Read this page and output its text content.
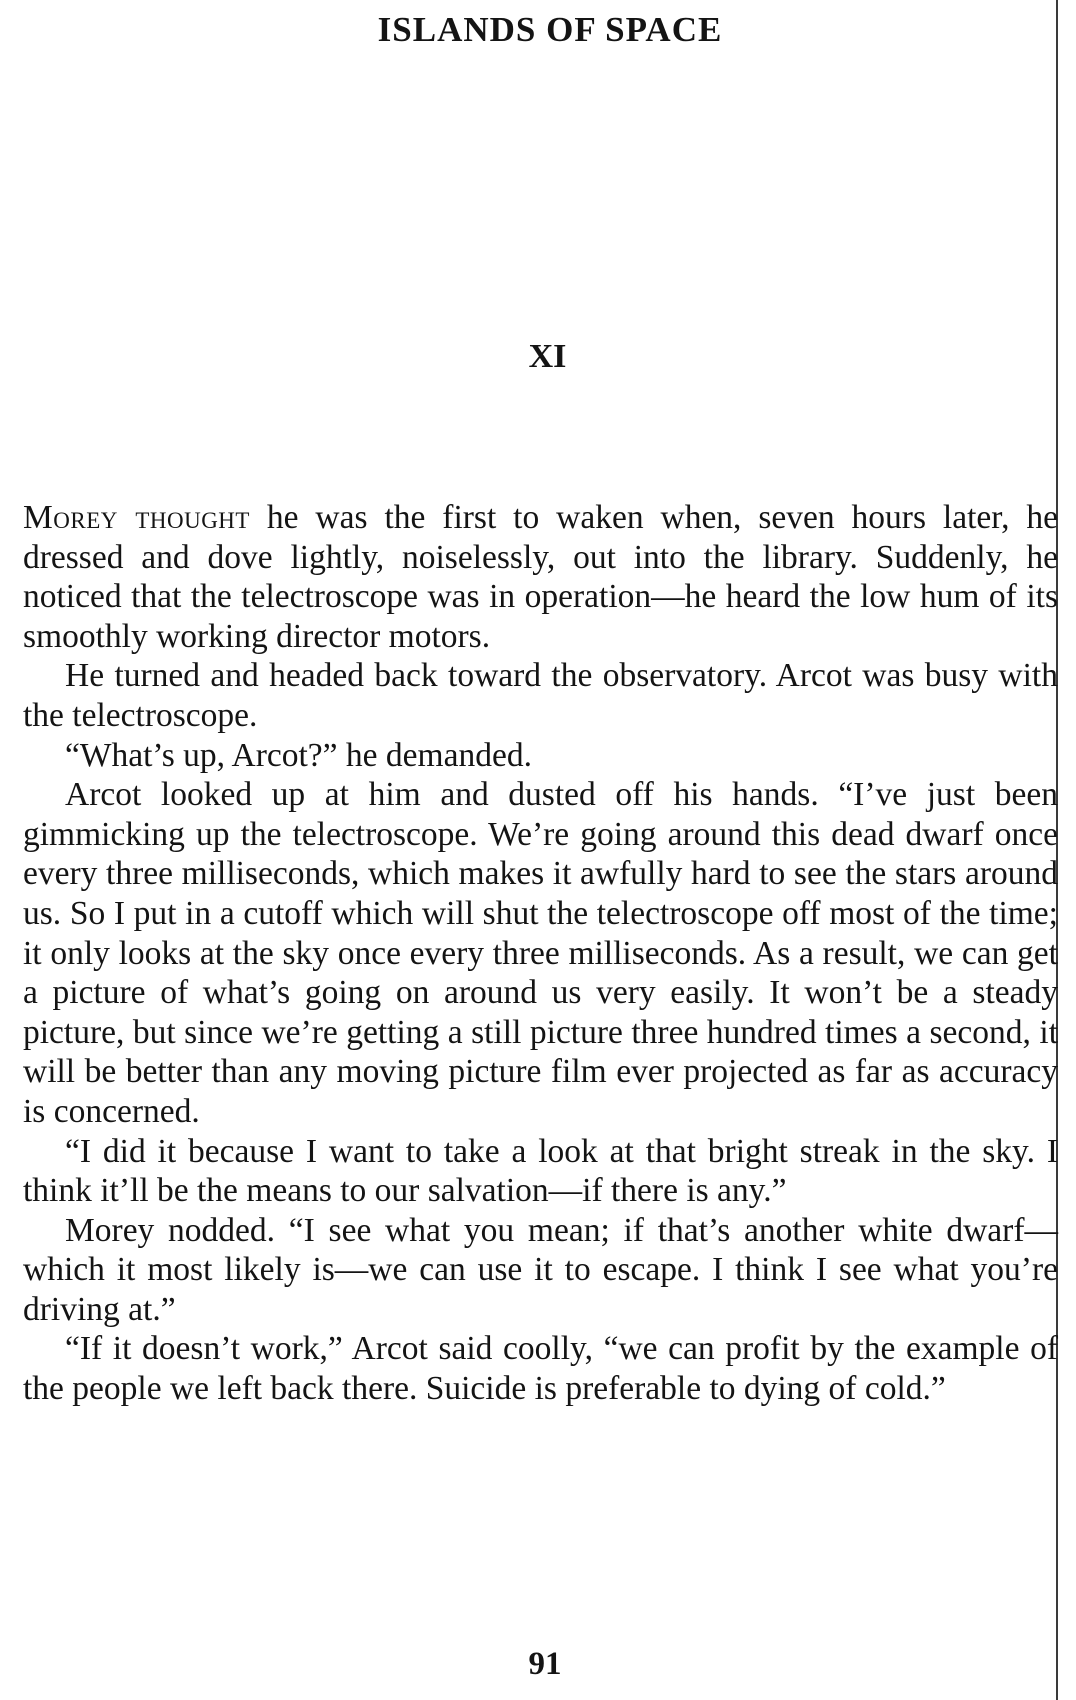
ISLANDS OF SPACE
XI

Morey thought he was the first to waken when, seven hours later, he dressed and dove lightly, noiselessly, out into the library. Suddenly, he noticed that the telectroscope was in operation—he heard the low hum of its smoothly working director motors.

He turned and headed back toward the observatory. Arcot was busy with the telectroscope.

“What’s up, Arcot?” he demanded.

Arcot looked up at him and dusted off his hands. “I’ve just been gimmicking up the telectroscope. We’re going around this dead dwarf once every three milliseconds, which makes it awfully hard to see the stars around us. So I put in a cutoff which will shut the telectroscope off most of the time; it only looks at the sky once every three milliseconds. As a result, we can get a picture of what’s going on around us very easily. It won’t be a steady picture, but since we’re getting a still picture three hundred times a second, it will be better than any moving picture film ever projected as far as accuracy is concerned.

“I did it because I want to take a look at that bright streak in the sky. I think it’ll be the means to our salvation—if there is any.”

Morey nodded. “I see what you mean; if that’s another white dwarf—which it most likely is—we can use it to escape. I think I see what you’re driving at.”

“If it doesn’t work,” Arcot said coolly, “we can profit by the example of the people we left back there. Suicide is preferable to dying of cold.”

91
